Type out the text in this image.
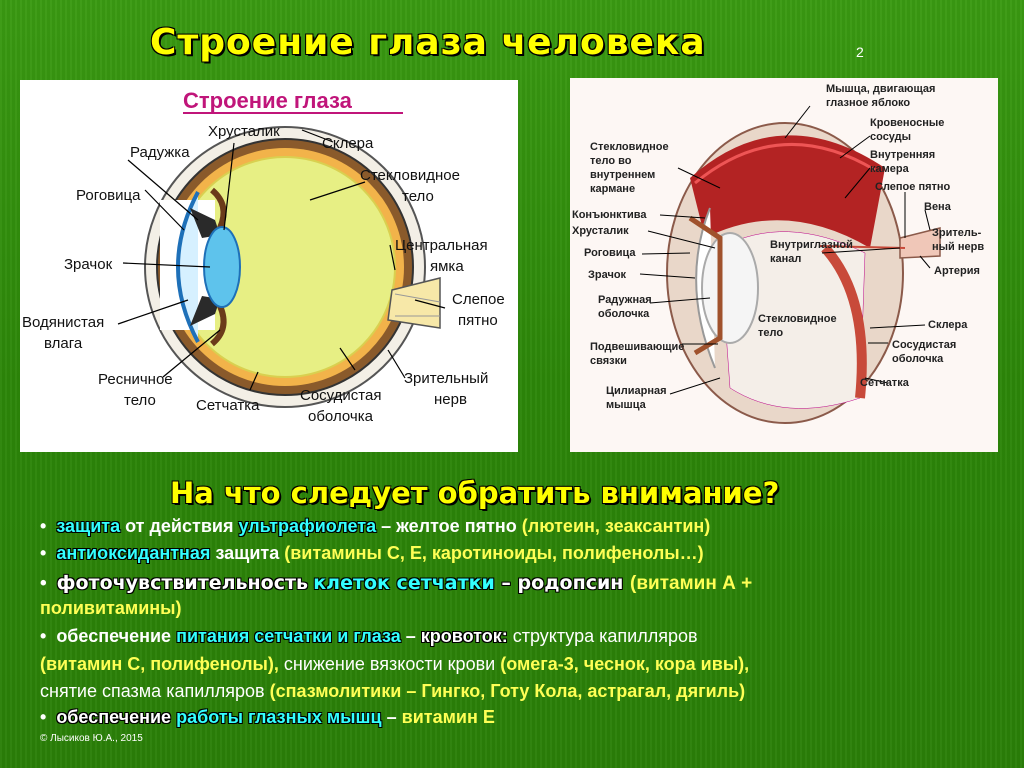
Строение глаза человека	2
Строение глаза
Хрусталик
Склера
Радужка
Стекловидное
тело
Роговица
Центральная
ямка
Зрачок
Слепое
пятно
Водянистая
влага
Ресничное
тело	Сетчатка
Сосудистая
оболочка
Зрительный
нерв
Мышца, двигающая
глазное яблоко
Кровеносные
сосуды
Внутренняя
камера
Слепое пятно
Вена
Стекловидное
тело во
внутреннем
кармане
Конъюнктива
Хрусталик
Роговица
Зрачок
Внутриглазной
канал
Зритель-
ный нерв
Артерия
Радужная
оболочка	Стекловидное
тело
Склера
Подвешивающие
связки
Сосудистая
оболочка
Сетчатка
Цилиарная
мышца
На что следует обратить внимание?
• защита от действия ультрафиолета – желтое пятно (лютеин, зеаксантин)
• антиоксидантная защита (витамины С, Е, каротиноиды, полифенолы…)
• фоточувствительность клеток сетчатки – родопсин (витамин А +
поливитамины)
• обеспечение питания сетчатки и глаза – кровоток: структура капилляров
(витамин С, полифенолы), снижение вязкости крови (омега-3, чеснок, кора ивы),
снятие спазма капилляров (спазмолитики – Гингко, Готу Кола, астрагал, дягиль)
• обеспечение работы глазных мышц – витамин Е
© Лысиков Ю.А., 2015
